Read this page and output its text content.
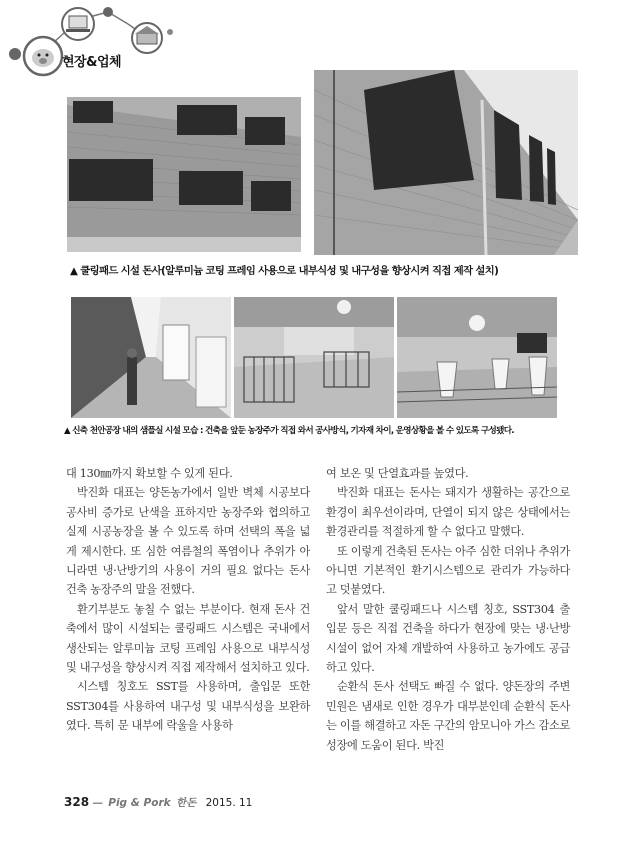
현장&업체
▲ 쿨링패드 시설 돈사(알루미늄 코팅 프레임 사용으로 내부식성 및 내구성을 향상시켜 직접 제작 설치)
▲ 신축 천안공장 내의 샘플실 시설 모습 : 건축을 앞둔 농장주가 직접 와서 공사방식, 기자재 차이, 운영상황을 볼 수 있도록 구성됐다.

대 130㎜까지 확보할 수 있게 된다.

박진화 대표는 양돈농가에서 일반 벽체 시공보다 공사비 증가로 난색을 표하지만 농장주와 협의하고 실제 시공농장을 볼 수 있도록 하며 선택의 폭을 넓게 제시한다. 또 심한 여름철의 폭염이나 추위가 아니라면 냉·난방기의 사용이 거의 필요 없다는 돈사 건축 농장주의 말을 전했다.

환기부분도 놓칠 수 없는 부분이다. 현재 돈사 건축에서 많이 시설되는 쿨링패드 시스템은 국내에서 생산되는 알루미늄 코팅 프레임 사용으로 내부식성 및 내구성을 향상시켜 직접 제작해서 설치하고 있다.

시스템 칭호도 SST를 사용하며, 출입문 또한 SST304를 사용하여 내구성 및 내부식성을 보완하였다. 특히 문 내부에 락울을 사용하

여 보온 및 단열효과를 높였다.

박진화 대표는 돈사는 돼지가 생활하는 공간으로 환경이 최우선이라며, 단열이 되지 않은 상태에서는 환경관리를 적절하게 할 수 없다고 말했다.

또 이렇게 건축된 돈사는 아주 심한 더위나 추위가 아니면 기본적인 환기시스템으로 관리가 가능하다고 덧붙였다.

앞서 말한 쿨링패드나 시스템 칭호, SST304 출입문 등은 직접 건축을 하다가 현장에 맞는 냉·난방 시설이 없어 자체 개발하여 사용하고 농가에도 공급하고 있다.

순환식 돈사 선택도 빠질 수 없다. 양돈장의 주변 민원은 냄새로 인한 경우가 대부분인데 순환식 돈사는 이를 해결하고 자돈 구간의 암모니아 가스 감소로 성장에 도움이 된다. 박진

328 — Pig & Pork 한돈 2015. 11
